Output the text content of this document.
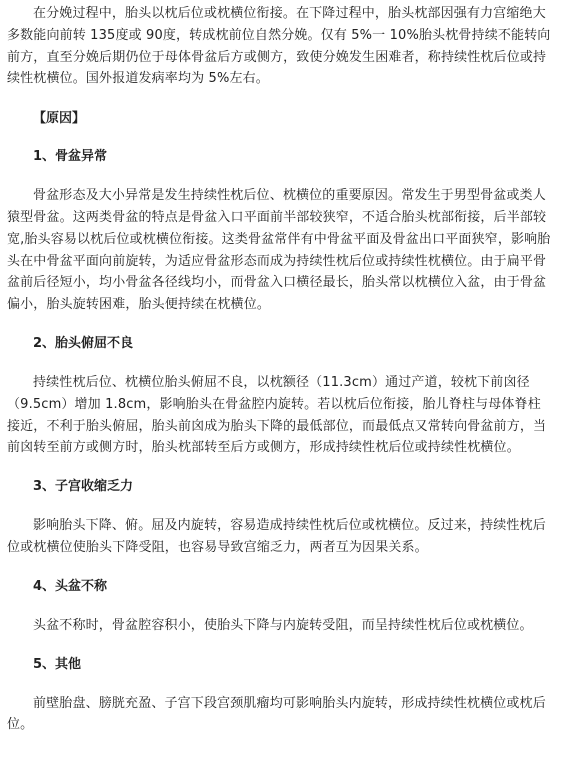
在分娩过程中，胎头以枕后位或枕横位衔接。在下降过程中，胎头枕部因强有力宫缩绝大多数能向前转 135度或 90度，转成枕前位自然分娩。仅有 5%一 10%胎头枕骨持续不能转向前方，直至分娩后期仍位于母体骨盆后方或侧方，致使分娩发生困难者，称持续性枕后位或持续性枕横位。国外报道发病率均为 5%左右。

【原因】
1、骨盆异常

骨盆形态及大小异常是发生持续性枕后位、枕横位的重要原因。常发生于男型骨盆或类人猿型骨盆。这两类骨盆的特点是骨盆入口平面前半部较狭窄，不适合胎头枕部衔接，后半部较宽,胎头容易以枕后位或枕横位衔接。这类骨盆常伴有中骨盆平面及骨盆出口平面狭窄，影响胎头在中骨盆平面向前旋转，为适应骨盆形态而成为持续性枕后位或持续性枕横位。由于扁平骨盆前后径短小，均小骨盆各径线均小，而骨盆入口横径最长，胎头常以枕横位入盆，由于骨盆偏小，胎头旋转困难，胎头便持续在枕横位。

2、胎头俯屈不良

持续性枕后位、枕横位胎头俯屈不良，以枕额径（11.3cm）通过产道，较枕下前囟径（9.5cm）增加 1.8cm，影响胎头在骨盆腔内旋转。若以枕后位衔接，胎儿脊柱与母体脊柱接近，不利于胎头俯屈，胎头前囟成为胎头下降的最低部位，而最低点又常转向骨盆前方，当前囟转至前方或侧方时，胎头枕部转至后方或侧方，形成持续性枕后位或持续性枕横位。

3、子宫收缩乏力

影响胎头下降、俯。屈及内旋转，容易造成持续性枕后位或枕横位。反过来，持续性枕后位或枕横位使胎头下降受阻，也容易导致宫缩乏力，两者互为因果关系。

4、头盆不称

头盆不称时，骨盆腔容积小，使胎头下降与内旋转受阻，而呈持续性枕后位或枕横位。

5、其他

前壁胎盘、膀胱充盈、子宫下段宫颈肌瘤均可影响胎头内旋转，形成持续性枕横位或枕后位。
